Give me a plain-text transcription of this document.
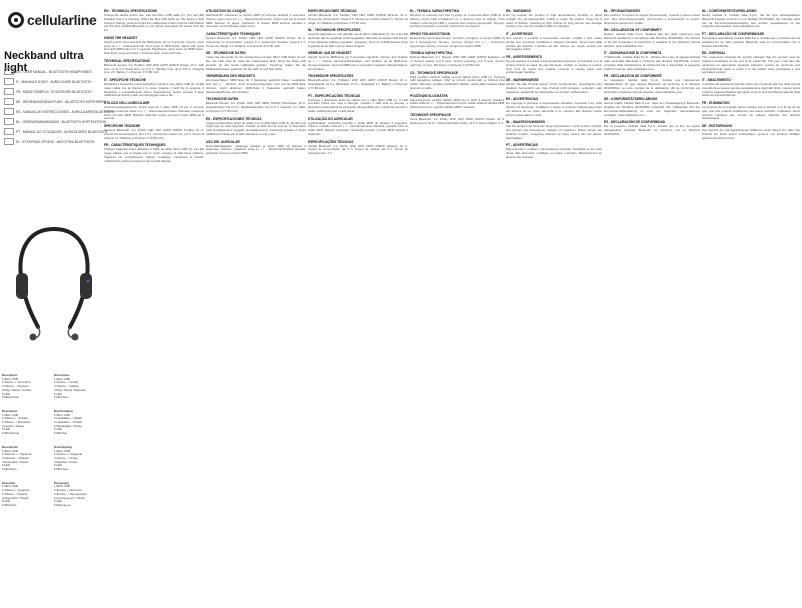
cellularline
Neckband ultra light
EN - USER MANUAL - BLUETOOTH HEADPHONES
IT - MANUALE D'USO - AURICOLARE BLUETOOTH
FR - MODE D'EMPLOI - ÉCOUTEURS BLUETOOTH
DE - BEDIENUNGSANLEITUNG - BLUETOOTH KOPFHÖRER
ES - MANUAL DE INSTRUCCIONES - AURICULARES BLUETOOTH
NL - GEBRUIKSAANWIJZING - BLUETOOTH KOPTELEFOON
PT - MANUAL DO UTILIZADOR - AURICULARES BLUETOOTH
EL - ΕΓΧΕΙΡΙΔΙΟ ΧΡΗΣΗΣ - ΑΚΟΥΣΤΙΚΑ BLUETOOTH
Description
1 Micro USB
2 Volume + / FF button
3 Volume - / Previous
4 Play / Pause / Answer
5 LED
6 Microphone
Descrizione
1 Micro USB
2 Volume + / Avanti
3 Volume - / Indietro
4 Play / Pausa / Risposta
5 LED
6 Microfono
Description
1 Micro USB
2 Volume + / Suivant
3 Volume - / Précédent
4 Lecture / Pause
5 LED
6 Microphone
Beschreibung
1 Micro USB
2 Lautstärke + / Weiter
3 Lautstärke - / Zurück
4 Wiedergabe / Pause
5 LED
6 Mikrofon
Descripción
1 Micro USB
2 Volumen + / Siguiente
3 Volumen - / Anterior
4 Reproducir / Pausa
5 LED
6 Micrófono
Omschrijving
1 Micro USB
2 Volume + / Volgende
3 Volume - / Vorige
4 Afspelen / Pauze
5 LED
6 Microfoon
Descrição
1 Micro USB
2 Volume + / Seguinte
3 Volume - / Anterior
4 Reproduzir / Pausa
5 LED
6 Microfone
Περιγραφή
1 Micro USB
2 Ένταση + / Επόμενο
3 Ένταση - / Προηγούμενο
4 Αναπαραγωγή / Παύση
5 LED
6 Μικρόφωνο
EN - TECHNICAL SPECIFICATIONS
Charge the device before use. Use the Micro USB cable (1). The red LED indicates that it is charging. When the blue LED lights up, the device is fully charged. Pairing: press and hold the multifunction button until the LED flashes red and blue. Enable Bluetooth on your phone and select the device from the list.
USING THE HEADSET
Switch on/off: press and hold the MFB button (4) for 3 seconds. Volume: short press on + / -. Answer/end call: short press on MFB button. Reject call: press and hold MFB button for 2 seconds. Play/Pause: short press on MFB button. Next track: press and hold +. Previous track: press and hold -.
TECHNICAL SPECIFICATIONS
Bluetooth version: 4.2. Profiles: HSP, HFP, A2DP, AVRCP. Range: 10 m. Talk time: up to 6 h. Music time: up to 6 h. Standby time: up to 150 h. Charging time: 2 h. Battery: Li-Polymer 3.7V 80 mAh.
IT - SPECIFICHE TECNICHE
Ricaricare il dispositivo prima dell'utilizzo tramite il cavo Micro USB (1). Il LED rosso indica che la ricarica è in corso. Quando il LED blu si accende, il dispositivo è completamente carico. Associazione: tenere premuto il tasto multifunzione finché il LED non lampeggia rosso e blu.
UTILIZZO DELL'AURICOLARE
Accensione/spegnimento: tenere premuto il tasto MFB (4) per 3 secondi. Volume: pressione breve su + / -. Rispondere/terminare chiamata: pressione breve sul tasto MFB. Rifiutare chiamata: tenere premuto il tasto MFB per 2 secondi.
SPECIFICHE TECNICHE
Versione Bluetooth: 4.2. Profili: HSP, HFP, A2DP, AVRCP. Portata: 10 m. Autonomia conversazione: fino a 6 h. Autonomia musica: fino a 6 h. Tempo di ricarica: 2 h. Batteria: Li-Polymer 3.7V 80 mAh.
FR - CARACTÉRISTIQUES TECHNIQUES
Chargez l'appareil avant utilisation à l'aide du câble Micro USB (1). La LED rouge indique que la charge est en cours. Lorsque la LED bleue s'allume, l'appareil est complètement chargé. Couplage: maintenez le bouton multifonction enfoncé jusqu'à ce que la LED clignote.
UTILISATION DU CASQUE
Marche/arrêt: maintenez le bouton MFB (4) enfoncé pendant 3 secondes. Volume: appui court sur + / -. Répondre/raccrocher: appui court sur le bouton MFB. Refuser un appel: maintenez le bouton MFB enfoncé pendant 2 secondes. Lecture/Pause: appui court.
CARACTÉRISTIQUES TECHNIQUES
Version Bluetooth: 4.2. Profils: HSP, HFP, A2DP, AVRCP. Portée: 10 m. Autonomie en conversation: jusqu'à 6 h. Autonomie musique: jusqu'à 6 h. Temps de charge: 2 h. Batterie: Li-Polymère 3.7V 80 mAh.
DE - TECHNISCHE DATEN
Laden Sie das Gerät vor der Verwendung mit dem Micro USB Kabel (1) auf. Die rote LED zeigt an, dass der Ladevorgang läuft. Wenn die blaue LED leuchtet, ist das Gerät vollständig geladen. Kopplung: Halten Sie die Multifunktionstaste gedrückt, bis die LED rot und blau blinkt.
VERWENDUNG DES HEADSETS
Ein-/Ausschalten: MFB-Taste (4) 3 Sekunden gedrückt halten. Lautstärke: kurz auf + / - drücken. Anruf annehmen/beenden: kurz auf die MFB-Taste drücken. Anruf ablehnen: MFB-Taste 2 Sekunden gedrückt halten. Wiedergabe/Pause: kurz drücken.
TECHNISCHE DATEN
Bluetooth-Version: 4.2. Profile: HSP, HFP, A2DP, AVRCP. Reichweite: 10 m. Gesprächszeit: bis zu 6 h. Musikwiedergabe: bis zu 6 h. Ladezeit: 2 h. Akku: Li-Polymer 3.7V 80 mAh.
ES - ESPECIFICACIONES TÉCNICAS
Cargue el dispositivo antes de usarlo con el cable Micro USB (1). El LED rojo indica que se está cargando. Cuando el LED azul se ilumina, el dispositivo está completamente cargado. Emparejamiento: mantenga pulsado el botón multifunción hasta que el LED parpadee en rojo y azul.
USO DEL AURICULAR
Encendido/apagado: mantenga pulsado el botón MFB (4) durante 3 segundos. Volumen: pulsación corta en + / -. Responder/finalizar llamada: pulsación corta en el botón MFB.
ESPECIFICACIONES TÉCNICAS
Versión Bluetooth: 4.2. Perfiles: HSP, HFP, A2DP, AVRCP. Alcance: 10 m. Tiempo de conversación: hasta 6 h. Tiempo de música: hasta 6 h. Tiempo de carga: 2 h. Batería: Li-Polímero 3.7V 80 mAh.
NL - TECHNISCHE SPECIFICATIES
Laad het apparaat op voor gebruik met de Micro USB-kabel (1). De rode LED geeft aan dat het apparaat wordt opgeladen. Wanneer de blauwe LED brandt, is het apparaat volledig opgeladen. Koppelen: houd de multifunctionele knop ingedrukt tot de LED rood en blauw knippert.
GEBRUIK VAN DE HEADSET
Aan/uit: houd de MFB-knop (4) 3 seconden ingedrukt. Volume: kort drukken op + / -. Oproep aannemen/beëindigen: kort drukken op de MFB-knop. Oproep weigeren: houd de MFB-knop 2 seconden ingedrukt. Afspelen/Pauze: kort drukken.
TECHNISCHE SPECIFICATIES
Bluetooth-versie: 4.2. Profielen: HSP, HFP, A2DP, AVRCP. Bereik: 10 m. Gesprekstijd: tot 6 u. Muziektijd: tot 6 u. Oplaadtijd: 2 u. Batterij: Li-Polymeer 3.7V 80 mAh.
PT - ESPECIFICAÇÕES TÉCNICAS
Carregue o dispositivo antes de utilizar com o cabo Micro USB (1). O LED vermelho indica que está a carregar. Quando o LED azul se acende, o dispositivo está totalmente carregado. Emparelhamento: mantenha premido o botão multifunções até o LED piscar.
UTILIZAÇÃO DO AURICULAR
Ligar/desligar: mantenha premido o botão MFB (4) durante 3 segundos. Volume: pressão curta em + / -. Atender/terminar chamada: pressão curta no botão MFB. Rejeitar chamada: mantenha premido o botão MFB durante 2 segundos.
ESPECIFICAÇÕES TÉCNICAS
Versão Bluetooth: 4.2. Perfis: HSP, HFP, A2DP, AVRCP. Alcance: 10 m. Tempo de conversação: até 6 h. Tempo de música: até 6 h. Tempo de carregamento: 2 h.
EL - ΤΕΧΝΙΚΑ ΧΑΡΑΚΤΗΡΙΣΤΙΚΑ
Φορτίστε τη συσκευή πριν από τη χρήση με το καλώδιο Micro USB (1). Η κόκκινη λυχνία LED υποδεικνύει ότι η φόρτιση είναι σε εξέλιξη. Όταν ανάψει η μπλε λυχνία LED, η συσκευή είναι πλήρως φορτισμένη. Σύζευξη: κρατήστε πατημένο το κουμπί πολλαπλών λειτουργιών.
ΧΡΗΣΗ ΤΩΝ ΑΚΟΥΣΤΙΚΩΝ
Ενεργοποίηση/απενεργοποίηση: κρατήστε πατημένο το κουμπί MFB (4) για 3 δευτερόλεπτα. Ένταση: σύντομο πάτημα στο + / -. Απάντηση/τερματισμός κλήσης: σύντομο πάτημα στο κουμπί MFB.
ΤΕΧΝΙΚΑ ΧΑΡΑΚΤΗΡΙΣΤΙΚΑ
Έκδοση Bluetooth: 4.2. Προφίλ: HSP, HFP, A2DP, AVRCP. Εμβέλεια: 10 m. Χρόνος ομιλίας: έως 6 ώρες. Χρόνος μουσικής: έως 6 ώρες. Χρόνος φόρτισης: 2 ώρες. Μπαταρία: Li-Polymer 3.7V 80 mAh.
CS - TECHNICKÉ SPECIFIKACE
Před použitím zařízení nabijte pomocí kabelu Micro USB (1). Červená LED signalizuje nabíjení. Když se rozsvítí modrá LED, je zařízení plně nabité. Párování: podržte multifunkční tlačítko, dokud LED nezačne blikat červeně a modře.
POUŽÍVÁNÍ SLUCHÁTEK
Zapnutí/vypnutí: podržte tlačítko MFB (4) po dobu 3 sekund. Hlasitost: krátké stisknutí + / -. Přijetí/ukončení hovoru: krátké stisknutí tlačítka MFB. Odmítnutí hovoru: podržte tlačítko MFB 2 sekundy.
TECHNICKÉ SPECIFIKACE
Verze Bluetooth: 4.2. Profily: HSP, HFP, A2DP, AVRCP. Dosah: 10 m. Doba hovoru: až 6 h. Doba přehrávání hudby: až 6 h. Doba nabíjení: 2 h.
EN - WARNINGS
Do not expose the product to high temperatures, humidity or direct sunlight. Do not disassemble, modify or repair the product. Keep out of reach of children. Listening at high volume for long periods may damage hearing. Use only the supplied cable for charging.
IT - AVVERTENZE
Non esporre il prodotto a temperature elevate, umidità o luce solare diretta. Non smontare, modificare o riparare il prodotto. Tenere fuori dalla portata dei bambini. L'ascolto ad alto volume per lunghi periodi può danneggiare l'udito.
FR - AVERTISSEMENTS
Ne pas exposer le produit à des températures élevées, à l'humidité ou à la lumière directe du soleil. Ne pas démonter, modifier ou réparer le produit. Tenir hors de portée des enfants. L'écoute à volume élevé peut endommager l'audition.
DE - WARNHINWEISE
Setzen Sie das Produkt keinen hohen Temperaturen, Feuchtigkeit oder direktem Sonnenlicht aus. Das Produkt nicht zerlegen, verändern oder reparieren. Außerhalb der Reichweite von Kindern aufbewahren.
ES - ADVERTENCIAS
No exponga el producto a temperaturas elevadas, humedad o luz solar directa. No desmonte, modifique ni repare el producto. Manténgase fuera del alcance de los niños. Escuchar a un volumen alto durante mucho tiempo puede dañar el oído.
NL - WAARSCHUWINGEN
Stel het product niet bloot aan hoge temperaturen, vocht of direct zonlicht. Het product niet demonteren, wijzigen of repareren. Buiten bereik van kinderen houden. Langdurig luisteren op hoog volume kan het gehoor beschadigen.
PT - ADVERTÊNCIAS
Não exponha o produto a temperaturas elevadas, humidade ou luz solar direta. Não desmonte, modifique ou repare o produto. Mantenha fora do alcance das crianças.
EL - ΠΡΟΕΙΔΟΠΟΙΗΣΕΙΣ
Μην εκθέτετε το προϊόν σε υψηλές θερμοκρασίες, υγρασία ή άμεσο ηλιακό φως. Μην αποσυναρμολογείτε, τροποποιείτε ή επισκευάζετε το προϊόν. Φυλάσσετε μακριά από παιδιά.
EN - DECLARATION OF CONFORMITY
Hereby, Cellular Italia S.p.A. declares that the radio equipment type Bluetooth headset is in compliance with Directive 2014/53/EU. The full text of the EU declaration of conformity is available at the following internet address: www.cellularline.com.
IT - DICHIARAZIONE DI CONFORMITÀ
Il fabbricante, Cellular Italia S.p.A., dichiara che il tipo di apparecchiatura radio auricolare Bluetooth è conforme alla direttiva 2014/53/UE. Il testo completo della dichiarazione di conformità UE è disponibile al seguente indirizzo Internet: www.cellularline.com.
FR - DÉCLARATION DE CONFORMITÉ
Le soussigné, Cellular Italia S.p.A., déclare que l'équipement radioélectrique du type casque Bluetooth est conforme à la directive 2014/53/UE. Le texte complet de la déclaration UE de conformité est disponible à l'adresse internet suivante: www.cellularline.com.
DE - KONFORMITÄTSERKLÄRUNG
Hiermit erklärt Cellular Italia S.p.A., dass der Funkanlagentyp Bluetooth-Headset der Richtlinie 2014/53/EU entspricht. Der vollständige Text der EU-Konformitätserklärung ist unter der folgenden Internetadresse verfügbar: www.cellularline.com.
ES - DECLARACIÓN DE CONFORMIDAD
Por la presente, Cellular Italia S.p.A. declara que el tipo de equipo radioeléctrico auricular Bluetooth es conforme con la Directiva 2014/53/UE.
NL - CONFORMITEITSVERKLARING
Hierbij verklaar ik, Cellular Italia S.p.A., dat het type radioapparatuur Bluetooth-headset conform is met Richtlijn 2014/53/EU. De volledige tekst van de EU-conformiteitsverklaring kan worden geraadpleegd op het volgende internetadres: www.cellularline.com.
PT - DECLARAÇÃO DE CONFORMIDADE
O(a) abaixo assinado(a) Cellular Italia S.p.A. declara que o presente tipo de equipamento de rádio auricular Bluetooth está em conformidade com a Diretiva 2014/53/UE.
EN - DISPOSAL
The crossed-out wheeled bin symbol indicates that the product must be collected separately at the end of its useful life. The user must take the equipment to appropriate separate collection centres for electronic and electrotechnical waste or return it to the retailer when purchasing a new equivalent product.
IT - SMALTIMENTO
Il simbolo del cassonetto barrato indica che il prodotto alla fine della propria vita utile deve essere raccolto separatamente dagli altri rifiuti. L'utente dovrà conferire l'apparecchiatura agli idonei centri di raccolta differenziata dei rifiuti elettronici ed elettrotecnici.
FR - ÉLIMINATION
Le symbole de la poubelle barrée indique que le produit, à la fin de sa vie utile, doit être collecté séparément des autres déchets. L'utilisateur devra remettre l'appareil aux centres de collecte sélective des déchets électroniques.
DE - ENTSORGUNG
Das Symbol der durchgestrichenen Mülltonne weist darauf hin, dass das Produkt am Ende seiner Lebensdauer getrennt von anderen Abfällen gesammelt werden muss.
